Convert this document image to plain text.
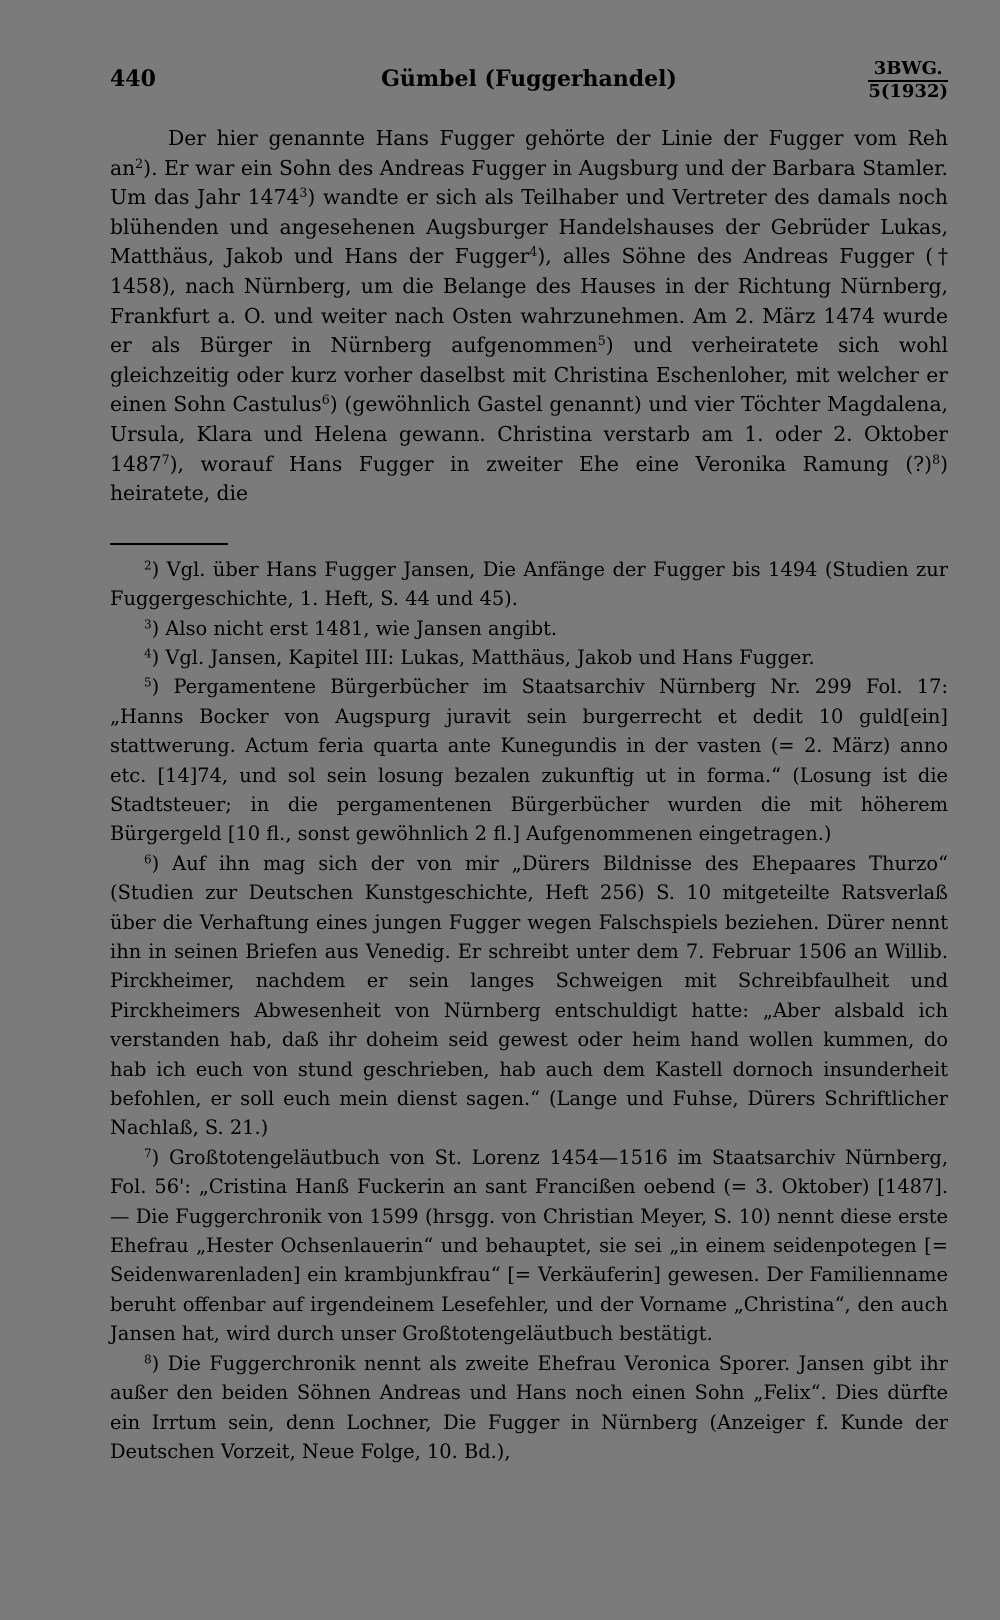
440	Gümbel (Fuggerhandel)	3BWG.
5(1932)

Der hier genannte Hans Fugger gehörte der Linie der Fugger vom Reh $an^2$). Er war ein Sohn des Andreas Fugger in Augsburg und der Barbara Stamler. Um das Jahr 1474$^3$) wandte er sich als Teilhaber und Vertreter des damals noch blühenden und angesehenen Augsburger Handelshauses der Gebrüder Lukas, Matthäus, Jakob und Hans der Fugger$^4$), alles Söhne des Andreas Fugger († 1458), nach Nürnberg, um die Belange des Hauses in der Richtung Nürnberg, Frankfurt a. O. und weiter nach Osten wahrzunehmen. Am 2. März 1474 wurde er als Bürger in Nürnberg aufgenommen$^5$) und verheiratete sich wohl gleichzeitig oder kurz vorher daselbst mit Christina Eschenloher, mit welcher er einen Sohn Castulus$^6$) (gewöhnlich Gastel genannt) und vier Töchter Magdalena, Ursula, Klara und Helena gewann. Christina verstarb am 1. oder 2. Oktober 1487$^7$), worauf Hans Fugger in zweiter Ehe eine Veronika Ramung (?)$^8$) heiratete, die

$^2$) Vgl. über Hans Fugger Jansen, Die Anfänge der Fugger bis 1494 (Studien zur Fuggergeschichte, 1. Heft, S. 44 und 45).

$^3$) Also nicht erst 1481, wie Jansen angibt.

$^4$) Vgl. Jansen, Kapitel III: Lukas, Matthäus, Jakob und Hans Fugger.

$^5$) Pergamentene Bürgerbücher im Staatsarchiv Nürnberg Nr. 299 Fol. 17: „Hanns Bocker von Augspurg juravit sein burgerrecht et dedit 10 guld[ein] stattwerung. Actum feria quarta ante Kunegundis in der vasten (= 2. März) anno etc. [14]74, und sol sein losung bezalen zukunftig ut in forma.“ (Losung ist die Stadtsteuer; in die pergamentenen Bürgerbücher wurden die mit höherem Bürgergeld [10 fl., sonst gewöhnlich 2 fl.] Aufgenommenen eingetragen.)

$^6$) Auf ihn mag sich der von mir „Dürers Bildnisse des Ehepaares Thurzo“ (Studien zur Deutschen Kunstgeschichte, Heft 256) S. 10 mitgeteilte Ratsverlaß über die Verhaftung eines jungen Fugger wegen Falschspiels beziehen. Dürer nennt ihn in seinen Briefen aus Venedig. Er schreibt unter dem 7. Februar 1506 an Willib. Pirckheimer, nachdem er sein langes Schweigen mit Schreibfaulheit und Pirckheimers Abwesenheit von Nürnberg entschuldigt hatte: „Aber alsbald ich verstanden hab, daß ihr doheim seid gewest oder heim hand wollen kummen, do hab ich euch von stund geschrieben, hab auch dem Kastell dornoch insunderheit befohlen, er soll euch mein dienst sagen.“ (Lange und Fuhse, Dürers Schriftlicher Nachlaß, S. 21.)

$^7$) Großtotengeläutbuch von St. Lorenz 1454—1516 im Staatsarchiv Nürnberg, Fol. 56': „Cristina Hanß Fuckerin an sant Francißen oebend (= 3. Oktober) [1487]. — Die Fuggerchronik von 1599 (hrsgg. von Christian Meyer, S. 10) nennt diese erste Ehefrau „Hester Ochsenlauerin“ und behauptet, sie sei „in einem seidenpotegen [= Seidenwarenladen] ein krambjunkfrau“ [= Verkäuferin] gewesen. Der Familienname beruht offenbar auf irgendeinem Lesefehler, und der Vorname „Christina“, den auch Jansen hat, wird durch unser Großtotengeläutbuch bestätigt.

$^8$) Die Fuggerchronik nennt als zweite Ehefrau Veronica Sporer. Jansen gibt ihr außer den beiden Söhnen Andreas und Hans noch einen Sohn „Felix“. Dies dürfte ein Irrtum sein, denn Lochner, Die Fugger in Nürnberg (Anzeiger f. Kunde der Deutschen Vorzeit, Neue Folge, 10. Bd.),
